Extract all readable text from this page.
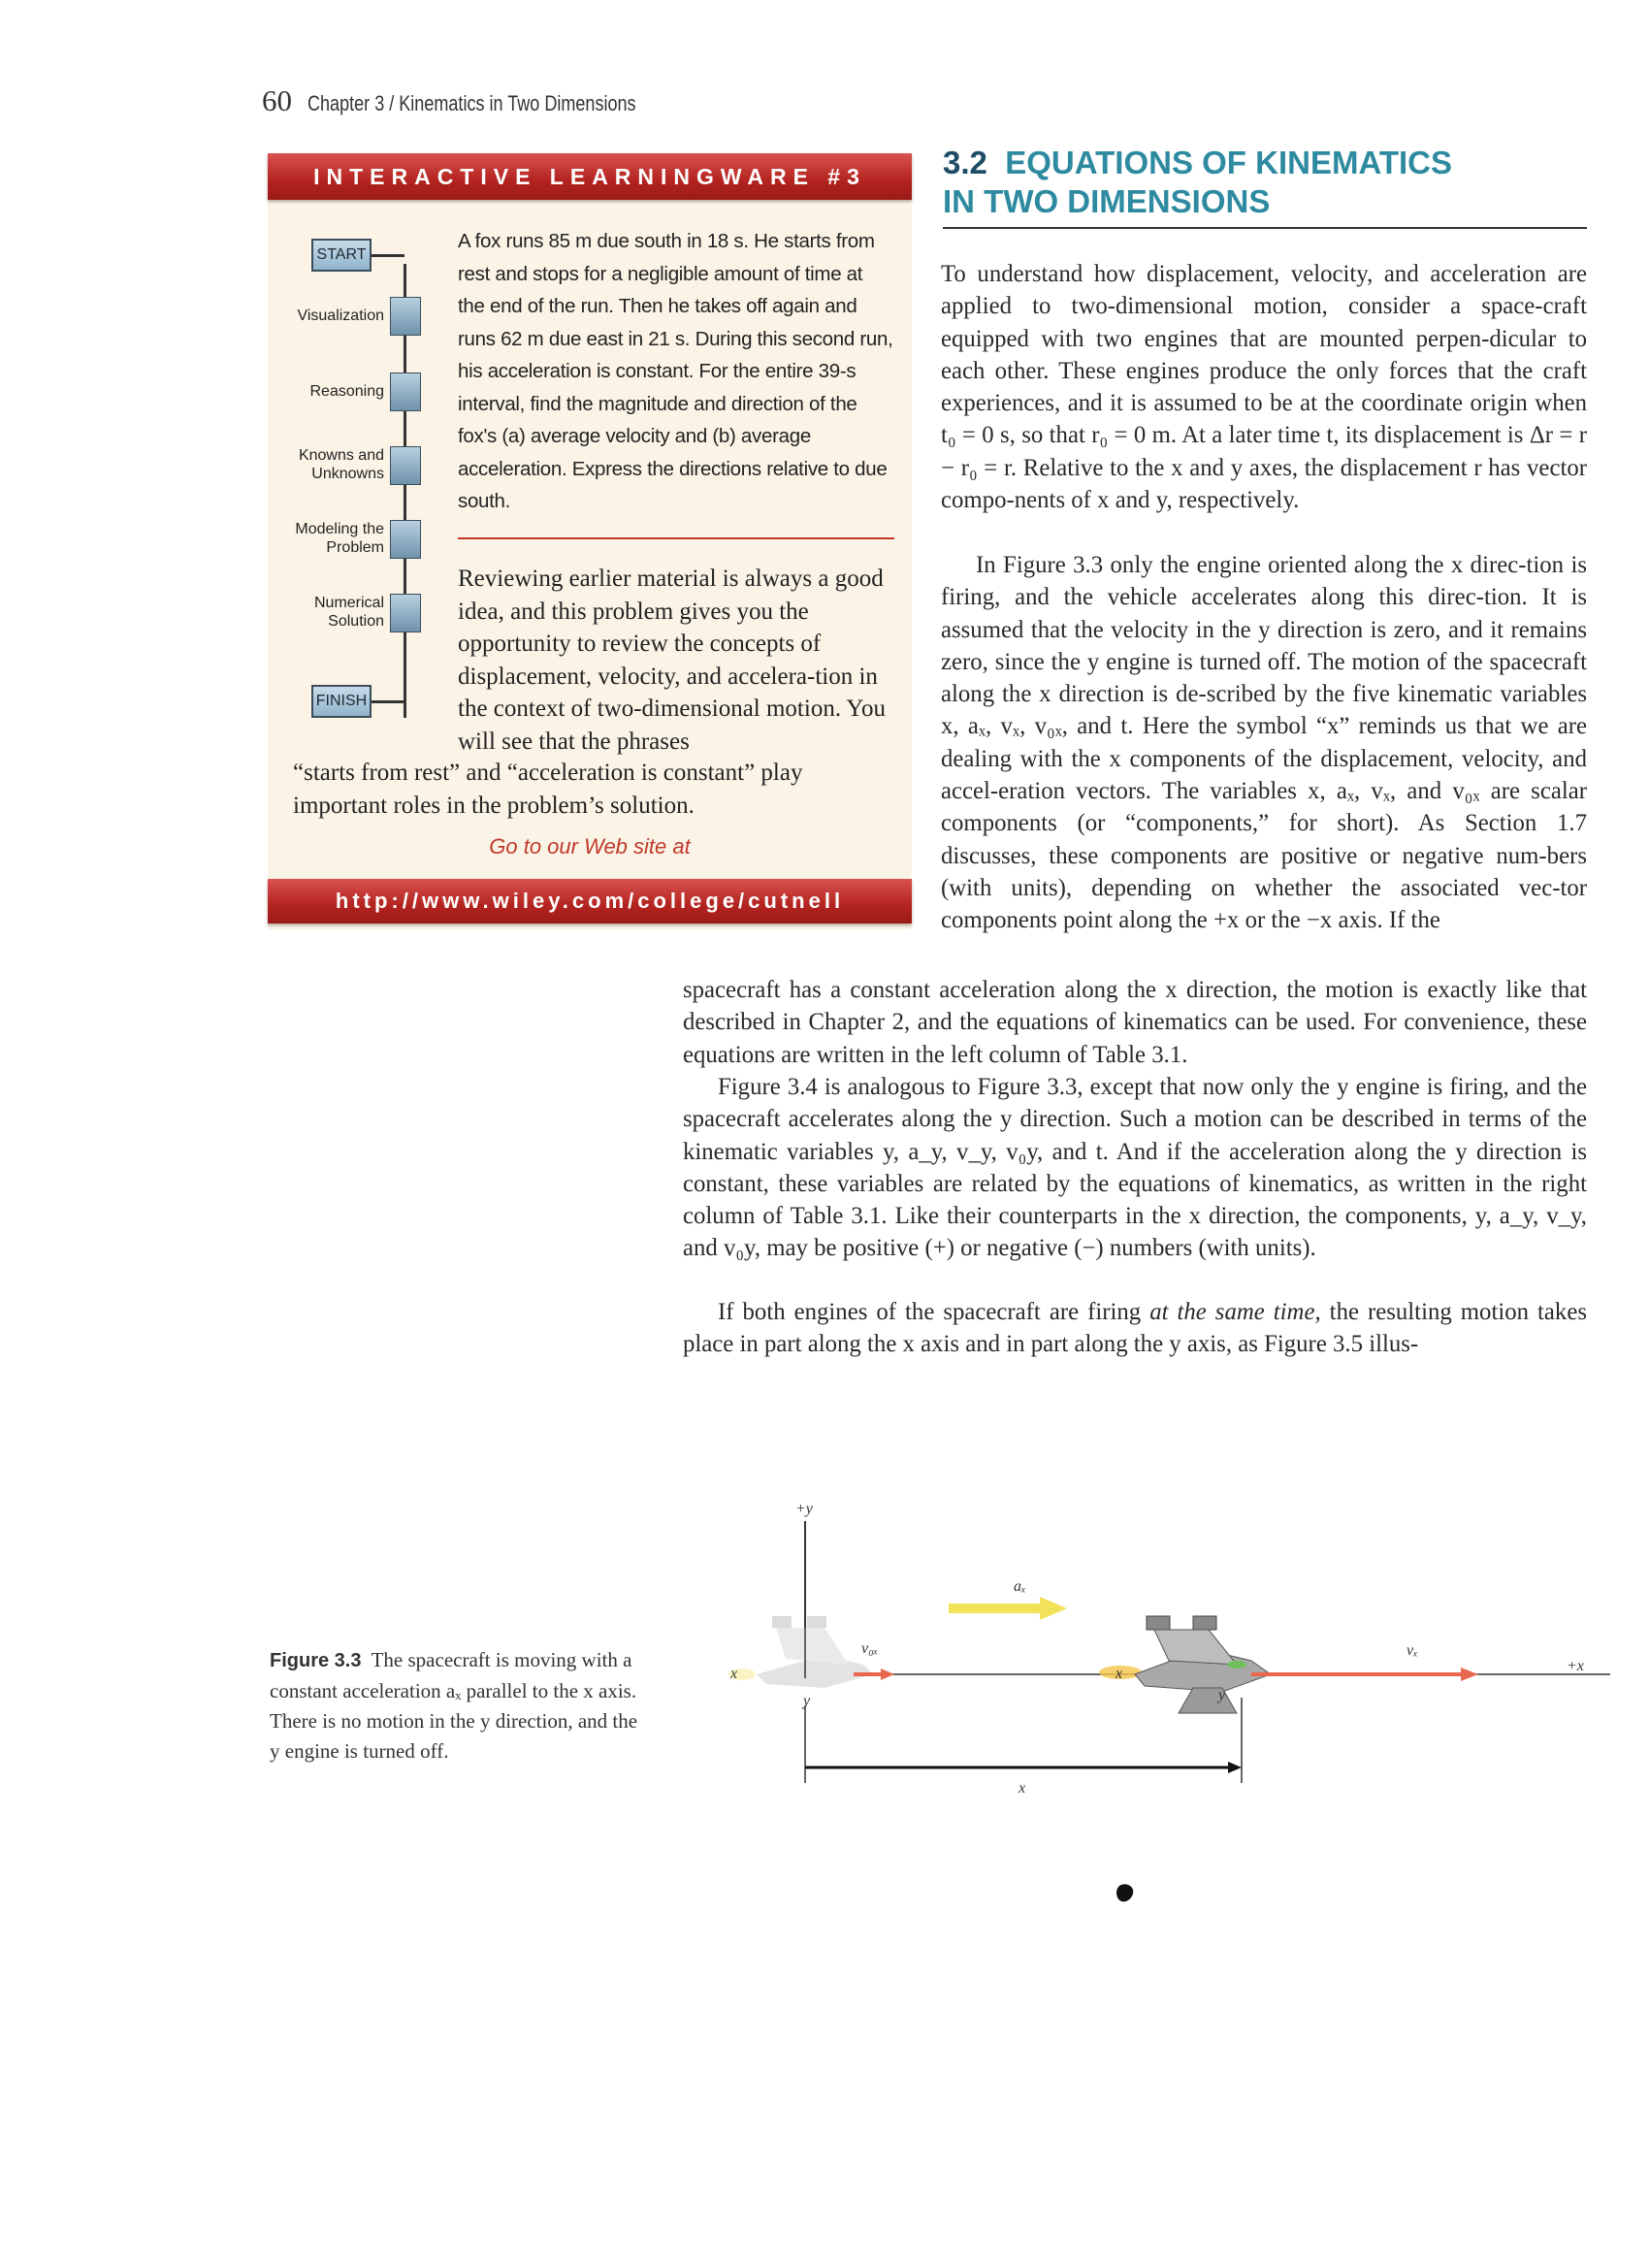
60 Chapter 3 / Kinematics in Two Dimensions
INTERACTIVE LEARNINGWARE #3
START
Visualization
Reasoning
Knowns and Unknowns
Modeling the Problem
Numerical Solution
FINISH
A fox runs 85 m due south in 18 s. He starts from rest and stops for a negligible amount of time at the end of the run. Then he takes off again and runs 62 m due east in 21 s. During this second run, his acceleration is constant. For the entire 39-s interval, find the magnitude and direction of the fox's (a) average velocity and (b) average acceleration. Express the directions relative to due south.
Reviewing earlier material is always a good idea, and this problem gives you the opportunity to review the concepts of displacement, velocity, and accelera-tion in the context of two-dimensional motion. You will see that the phrases
“starts from rest” and “acceleration is constant” play important roles in the problem’s solution.
Go to our Web site at
http://www.wiley.com/college/cutnell
3.2 EQUATIONS OF KINEMATICS
IN TWO DIMENSIONS

To understand how displacement, velocity, and acceleration are applied to two-dimensional motion, consider a space-craft equipped with two engines that are mounted perpen-dicular to each other. These engines produce the only forces that the craft experiences, and it is assumed to be at the coordinate origin when t₀ = 0 s, so that r₀ = 0 m. At a later time t, its displacement is Δr = r − r₀ = r. Relative to the x and y axes, the displacement r has vector compo-nents of x and y, respectively.

In Figure 3.3 only the engine oriented along the x direc-tion is firing, and the vehicle accelerates along this direc-tion. It is assumed that the velocity in the y direction is zero, and it remains zero, since the y engine is turned off. The motion of the spacecraft along the x direction is de-scribed by the five kinematic variables x, aₓ, vₓ, v₀ₓ, and t. Here the symbol “x” reminds us that we are dealing with the x components of the displacement, velocity, and accel-eration vectors. The variables x, aₓ, vₓ, and v₀ₓ are scalar components (or “components,” for short). As Section 1.7 discusses, these components are positive or negative num-bers (with units), depending on whether the associated vec-tor components point along the +x or the −x axis. If the

spacecraft has a constant acceleration along the x direction, the motion is exactly like that described in Chapter 2, and the equations of kinematics can be used. For convenience, these equations are written in the left column of Table 3.1.

Figure 3.4 is analogous to Figure 3.3, except that now only the y engine is firing, and the spacecraft accelerates along the y direction. Such a motion can be described in terms of the kinematic variables y, a_y, v_y, v₀y, and t. And if the acceleration along the y direction is constant, these variables are related by the equations of kinematics, as written in the right column of Table 3.1. Like their counterparts in the x direction, the components, y, a_y, v_y, and v₀y, may be positive (+) or negative (−) numbers (with units).

If both engines of the spacecraft are firing at the same time, the resulting motion takes place in part along the x axis and in part along the y axis, as Figure 3.5 illus-

+y
+x
x
y
v₀ₓ
aₓ
x
y
vₓ
x
Figure 3.3 The spacecraft is moving with a constant acceleration aₓ parallel to the x axis. There is no motion in the y direction, and the y engine is turned off.
